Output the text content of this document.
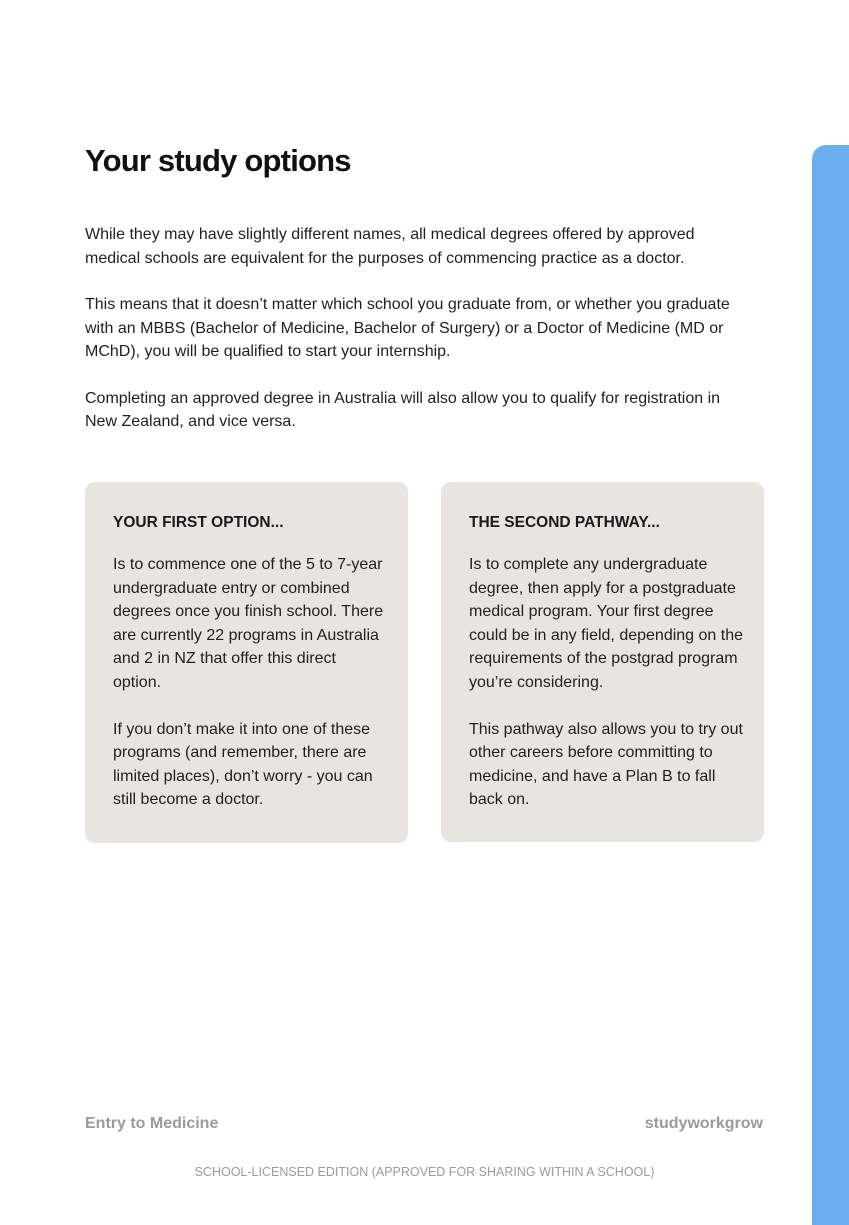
Your study options

While they may have slightly different names, all medical degrees offered by approved medical schools are equivalent for the purposes of commencing practice as a doctor.

This means that it doesn’t matter which school you graduate from, or whether you graduate with an MBBS (Bachelor of Medicine, Bachelor of Surgery) or a Doctor of Medicine (MD or MChD), you will be qualified to start your internship.

Completing an approved degree in Australia will also allow you to qualify for registration in New Zealand, and vice versa.

YOUR FIRST OPTION...

Is to commence one of the 5 to 7-year undergraduate entry or combined degrees once you finish school. There are currently 22 programs in Australia and 2 in NZ that offer this direct option.

If you don’t make it into one of these programs (and remember, there are limited places), don’t worry - you can still become a doctor.

THE SECOND PATHWAY...

Is to complete any undergraduate degree, then apply for a postgraduate medical program. Your first degree could be in any field, depending on the requirements of the postgrad program you’re considering.

This pathway also allows you to try out other careers before committing to medicine, and have a Plan B to fall back on.

Entry to Medicine	studyworkgrow
SCHOOL-LICENSED EDITION (APPROVED FOR SHARING WITHIN A SCHOOL)
